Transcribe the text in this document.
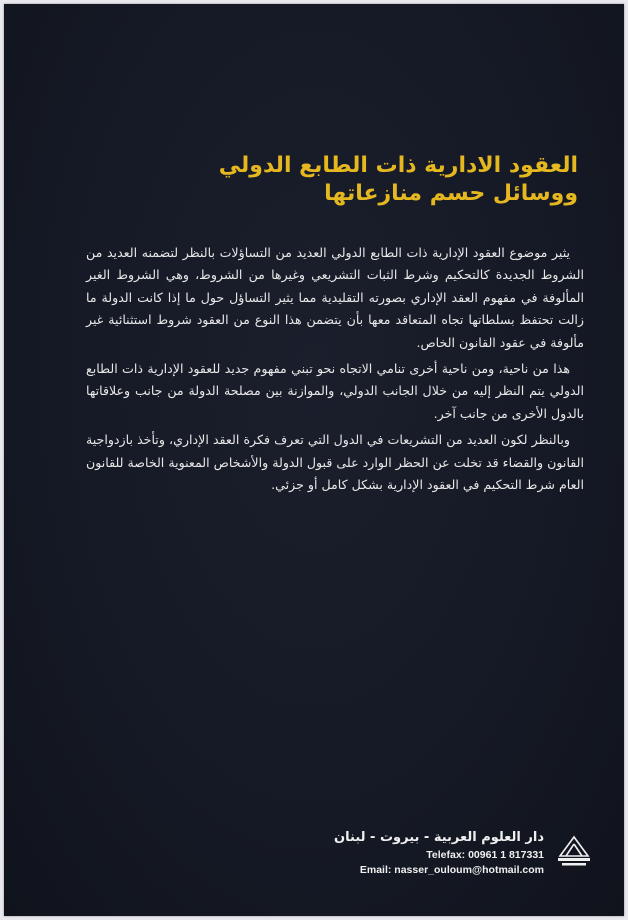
العقود الادارية ذات الطابع الدولي
ووسائل حسم منازعاتها

يثير موضوع العقود الإدارية ذات الطابع الدولي العديد من التساؤلات بالنظر لتضمنه العديد من الشروط الجديدة كالتحكيم وشرط الثبات التشريعي وغيرها من الشروط، وهي الشروط الغير المألوفة في مفهوم العقد الإداري بصورته التقليدية مما يثير التساؤل حول ما إذا كانت الدولة ما زالت تحتفظ بسلطاتها تجاه المتعاقد معها بأن يتضمن هذا النوع من العقود شروط استثنائية غير مألوفة في عقود القانون الخاص.

هذا من ناحية، ومن ناحية أخرى تنامي الاتجاه نحو تبني مفهوم جديد للعقود الإدارية ذات الطابع الدولي يتم النظر إليه من خلال الجانب الدولي، والموازنة بين مصلحة الدولة من جانب وعلاقاتها بالدول الأخرى من جانب آخر.

وبالنظر لكون العديد من التشريعات في الدول التي تعرف فكرة العقد الإداري، وتأخذ بازدواجية القانون والقضاء قد تخلت عن الحظر الوارد على قبول الدولة والأشخاص المعنوية الخاصة للقانون العام شرط التحكيم في العقود الإدارية بشكل كامل أو جزئي.

دار العلوم العربية - بيروت - لبنان
Telefax: 00961 1 817331
Email: nasser_ouloum@hotmail.com
